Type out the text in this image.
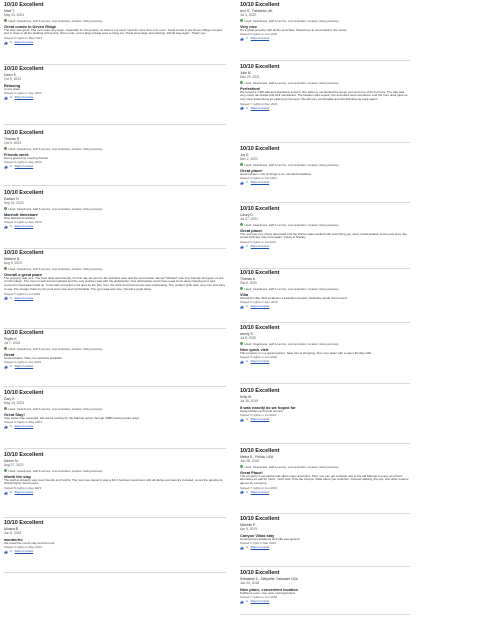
10/10 Excellent
Mark T.
May 23, 2024
Liked: Cleanliness, staff & service, communication, location, listing accuracy
Great condo in Deven Ridge
The stay was great. The room was very large, especially for two people, so there's not much need for more than one room. Great condo in the Deven Ridge complex and is close to all the building with tennis, three pools, and a large private area to hang out. Pools were large and relaxing. Would stay again. Thank you.
Stayed 3 nights in May 2024
0 Report review
10/10 Excellent
Karen S.
Oct 9, 2023
Relaxing
A nice place
Stayed 3 nights in Sep 2023
0 Report review
10/10 Excellent
Thomas R.
Oct 9, 2023
Liked: Cleanliness, staff & service, communication, location, listing accuracy
Friends week
Had a great time meeting friends!
Stayed 6 nights in Sep 2023
0 Report review
10/10 Excellent
Edward H.
Sep 22, 2023
Liked: Cleanliness, staff & service, communication, location, listing accuracy
Marriott timeshare
Nice Marriott timeshare
Stayed 3 nights in Sep 2023
0 Report review
10/10 Excellent
Marlene B.
Aug 9, 2023
Liked: Cleanliness, staff & service, communication, location, listing accuracy
Overall a great place
The property was nice. The front desk was friendly. On first day we went to the activities area and the pool worker named "Michael" was very friendly and gave us lots of information. The room is well accommodated and the only problem was with the dishwasher. One dishwasher could have used some deep cleaning as it was covered in hard water build up. In the kids and teens pool area by the lazy river, the drink and food service was outstanding. The outdoor grills were very nice and easy to use. The lounge chairs by the pool were nice and comfortable. The gym area was nice. Overall a great place.
Stayed 7 nights in Jul 2023
0 Report review
10/10 Excellent
Phyllis K.
Jul 7, 2023
Liked: Cleanliness, staff & service, communication, location, listing accuracy
Great
Great location. Many fun activities available.
Stayed 3 nights in Jun 2023
0 Report review
10/10 Excellent
Gary H.
May 19, 2023
Liked: Cleanliness, staff & service, communication, location, listing accuracy
Great Stay!
Stay better than expected. We will be looking for the Marriott option through VRBO during future stays.
Stayed 4 nights in May 2023
0 Report review
10/10 Excellent
Darren M.
Aug 27, 2022
Liked: Cleanliness, staff & service, communication, location, listing accuracy
Worth the stay
The staff at property was most friendly and helpful. The room we stayed in was a full 1 bedroom apartment with all dishes and laundry included. Loved the apartment. Would highly recommend.
Stayed 5 nights in Aug 2022
0 Report review
10/10 Excellent
Akosua B.
Jun 8, 2019
wonderful
We loved the condo stay and the pool.
Stayed 4 nights in May 2019
0 Report review
10/10 Excellent
Ann O., Fairbanks, AK
Jul 3, 2022
Liked: Cleanliness, staff & service, communication, location, listing accuracy
Very nice
It's a great property with all the amenities. Would love to come back in the winter.
Stayed 6 nights in Jun 2022
0 Report review
10/10 Excellent
Julie M.
Dec 29, 2021
Liked: Cleanliness, staff & service, communication, location, listing accuracy
Perfection!
We rented a 1 BR villa and absolutely loved it. Our balcony overlooked the green pool and one of the hot tubs. The villa was very nicely decorated and well maintained. The location was superb, the amenities were wonderful, and the front desk gave us very clear instructions for picking up the keys. We felt very comfortable and will definitely be back again!
Stayed 7 nights in Dec 2021
0 Report review
10/10 Excellent
Joy D.
Nov 2, 2021
Liked: Cleanliness, staff & service, communication, location, listing accuracy
Great place!
Great location, lots of things to do, wonderful facilities.
Stayed 4 nights in Oct 2021
0 Report review
10/10 Excellent
Casey D.
Jul 27, 2021
Liked: Cleanliness, staff & service, communication, location, listing accuracy
Great place!
The unit was very nicely decorated and the kitchen was stocked with everything you need. Great location to the pool area. We would definitely stay here again. Casey & Shelley
Stayed 5 nights in Jul 2021
0 Report review
10/10 Excellent
Thomas K.
Oct 9, 2020
Liked: Cleanliness, staff & service, communication, location, listing accuracy
Villa
Wonderful villa. Well located in a beautiful complex. Definitely would recommend.
Stayed 5 nights in Sep 2020
0 Report review
10/10 Excellent
wendy S.
Jul 6, 2020
Liked: Cleanliness, staff & service, communication, location, listing accuracy
Nice quick visit
This property is in a great location. Near lots of shopping. Also very clean with a super friendly staff.
Stayed 3 nights in Jun 2020
0 Report review
10/10 Excellent
Kelly W.
Jul 16, 2019
It was exactly as we hoped for
Great location and great service.
Stayed 5 nights in Jul 2019
0 Report review
10/10 Excellent
Melba D., Peoria, USA
Jun 28, 2019
Liked: Cleanliness, staff & service, communication, location, listing accuracy
Great Place!
This property is wonderful and offers many amenities. Plus, you can get a shuttle ride to the old Marriott to enjoy all of their amenities as well for much, much less. Plus the Canyon Villas offers you a kitchen, covered parking, fire pits, and other outdoor games for everyone.
Stayed 7 nights in Jun 2019
0 Report review
10/10 Excellent
Michelle P.
Apr 9, 2019
Canyon Villas stay
Great accommodations and villa was perfect!
Stayed 1 night in Mar 2019
0 Report review
10/10 Excellent
Sebastian S., Selbyville, Delaware USA
Jun 20, 2018
Nice place, convenient location
Sufficient room, nice view, well appointed.
Stayed 7 nights in Jun 2018
0 Report review
